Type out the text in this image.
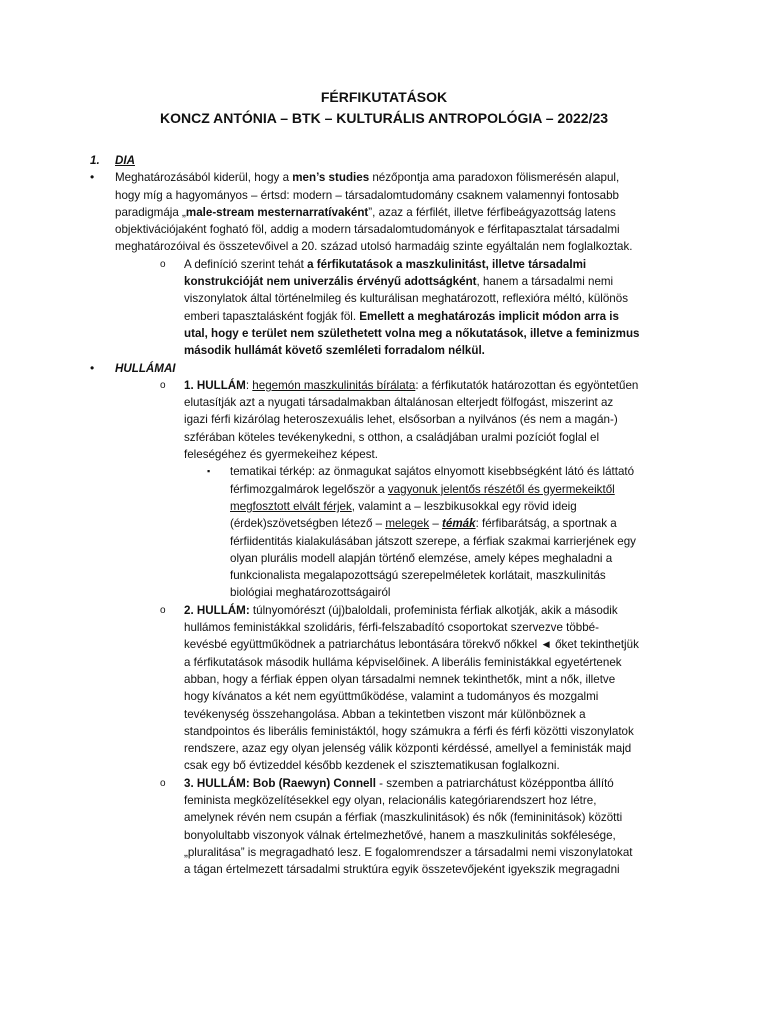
FÉRFIKUTATÁSOK
KONCZ ANTÓNIA – BTK – KULTURÁLIS ANTROPOLÓGIA – 2022/23
1. DIA
• Meghatározásából kiderül, hogy a men’s studies nézőpontja ama paradoxon fölismerésén alapul, hogy míg a hagyományos – értsd: modern – társadalomtudomány csaknem valamennyi fontosabb paradigmája „male-stream mesternarratívaként”, azaz a férfilét, illetve férfibeágyazottság latens objektivációjaként fogható föl, addig a modern társadalomtudományok e férfitapasztalat társadalmi meghatározóival és összetevőivel a 20. század utolsó harmadáig szinte egyáltalán nem foglalkoztak.
o A definíció szerint tehát a férfikutatások a maszkulinitást, illetve társadalmi konstrukcióját nem univerzális érvényű adottságként, hanem a társadalmi nemi viszonylatok által történelmileg és kulturálisan meghatározott, reflexióra méltó, különös emberi tapasztalásként fogják föl. Emellett a meghatározás implicit módon arra is utal, hogy e terület nem születhetett volna meg a nőkutatások, illetve a feminizmus második hullámát követő szemléleti forradalom nélkül.
• HULLÁMAI
o 1. HULLÁM: hegemón maszkulinitás bírálata: a férfikutatók határozottan és egyöntetűen elutasítják azt a nyugati társadalmakban általánosan elterjedt fölfogást, miszerint az igazi férfi kizárólag heteroszexuális lehet, elsősorban a nyilvános (és nem a magán-) szférában köteles tevékenykedni, s otthon, a családjában uralmi pozíciót foglal el feleségéhez és gyermekeihez képest.
▪ tematikai térkép: az önmagukat sajátos elnyomott kisebbségként látó és láttató férfimozgalmárok legelőször a vagyonuk jelentős részétől és gyermekeiktől megfosztott elvált férjek, valamint a – leszbikusokkal egy rövid ideig (érdek)szövetségben létező – melegek – témák: férfibarátság, a sportnak a férfiidentitás kialakulásában játszott szerepe, a férfiak szakmai karrierjének egy olyan plurális modell alapján történő elemzése, amely képes meghaladni a funkcionalista megalapozottságú szerepelméletek korlátait, maszkulinitás biológiai meghatározottságairól
o 2. HULLÁM: túlnyomórészt (új)baloldali, profeminista férfiak alkotják, akik a második hullámos feministákkal szolidáris, férfi-felszabadító csoportokat szervezve többé-kevésbé együttműködnek a patriarchátus lebontására törekvő nőkkel ◄ őket tekinthetjük a férfikutatások második hulláma képviselőinek. A liberális feministákkal egyetértenek abban, hogy a férfiak éppen olyan társadalmi nemnek tekinthetők, mint a nők, illetve hogy kívánatos a két nem együttműködése, valamint a tudományos és mozgalmi tevékenység összehangolása. Abban a tekintetben viszont már különböznek a standpointos és liberális feministáktól, hogy számukra a férfi és férfi közötti viszonylatok rendszere, azaz egy olyan jelenség válik központi kérdéssé, amellyel a feministák majd csak egy bő évtizeddel később kezdenek el szisztematikusan foglalkozni.
o 3. HULLÁM: Bob (Raewyn) Connell - szemben a patriarchátust középpontba állító feminista megközelítésekkel egy olyan, relacionális kategóriarendszert hoz létre, amelynek révén nem csupán a férfiak (maszkulinitások) és nők (femininitások) közötti bonyolultabb viszonyok válnak értelmezhetővé, hanem a maszkulinitás sokfélesége, „pluralitása” is megragadható lesz. E fogalomrendszer a társadalmi nemi viszonylatokat a tágan értelmezett társadalmi struktúra egyik összetevőjeként igyekszik megragadni
